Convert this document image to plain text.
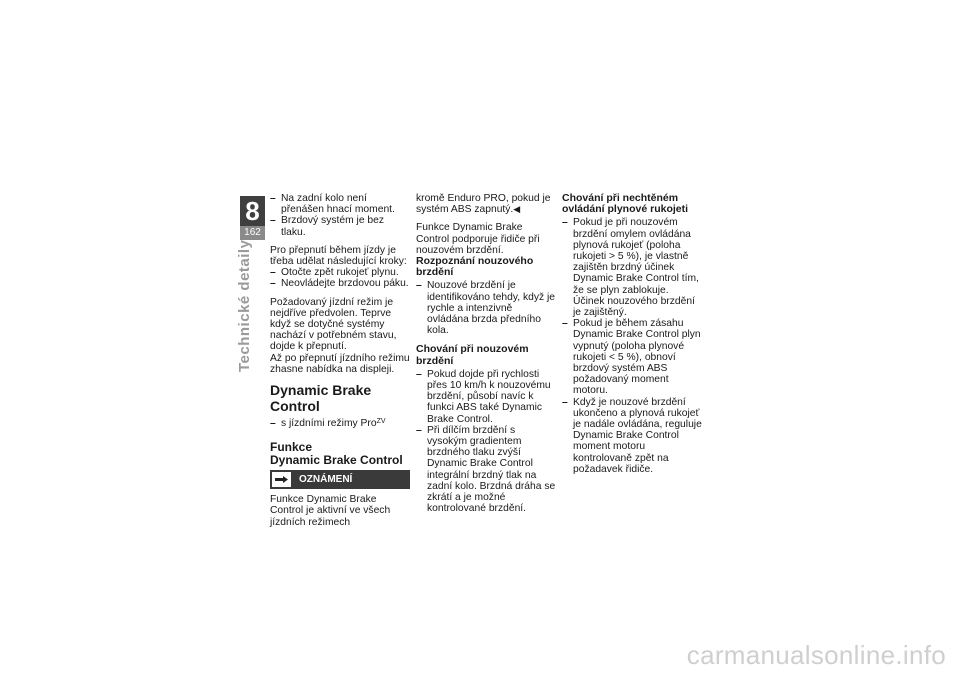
8
162
Technické detaily

– Na zadní kolo není přenášen hnací moment.

– Brzdový systém je bez tlaku.

Pro přepnutí během jízdy je třeba udělat následující kroky:

– Otočte zpět rukojeť plynu.

– Neovládejte brzdovou páku.

Požadovaný jízdní režim je nejdříve předvolen. Teprve když se dotyčné systémy nachází v potřebném stavu, dojde k přepnutí.

Až po přepnutí jízdního režimu zhasne nabídka na displeji.

Dynamic Brake Control

– s jízdními režimy Pro$^{ZV}$

Funkce
Dynamic Brake Control
OZNÁMENÍ

Funkce Dynamic Brake Control je aktivní ve všech jízdních režimech

kromě Enduro PRO, pokud je systém ABS zapnutý.◀

Funkce Dynamic Brake Control podporuje řidiče při nouzovém brzdění.

Rozpoznání nouzového brzdění

– Nouzové brzdění je identifikováno tehdy, když je rychle a intenzivně ovládána brzda předního kola.

Chování při nouzovém brzdění

– Pokud dojde při rychlosti přes 10 km/h k nouzovému brzdění, působí navíc k funkci ABS také Dynamic Brake Control.

– Při dílčím brzdění s vysokým gradientem brzdného tlaku zvýší Dynamic Brake Control integrální brzdný tlak na zadní kolo. Brzdná dráha se zkrátí a je možné kontrolované brzdění.

Chování při nechtěném ovládání plynové rukojeti

– Pokud je při nouzovém brzdění omylem ovládána plynová rukojeť (poloha rukojeti > 5 %), je vlastně zajištěn brzdný účinek Dynamic Brake Control tím, že se plyn zablokuje. Účinek nouzového brzdění je zajištěný.

– Pokud je během zásahu Dynamic Brake Control plyn vypnutý (poloha plynové rukojeti < 5 %), obnoví brzdový systém ABS požadovaný moment motoru.

– Když je nouzové brzdění ukončeno a plynová rukojeť je nadále ovládána, reguluje Dynamic Brake Control moment motoru kontrolovaně zpět na požadavek řidiče.

carmanualsonline.info
